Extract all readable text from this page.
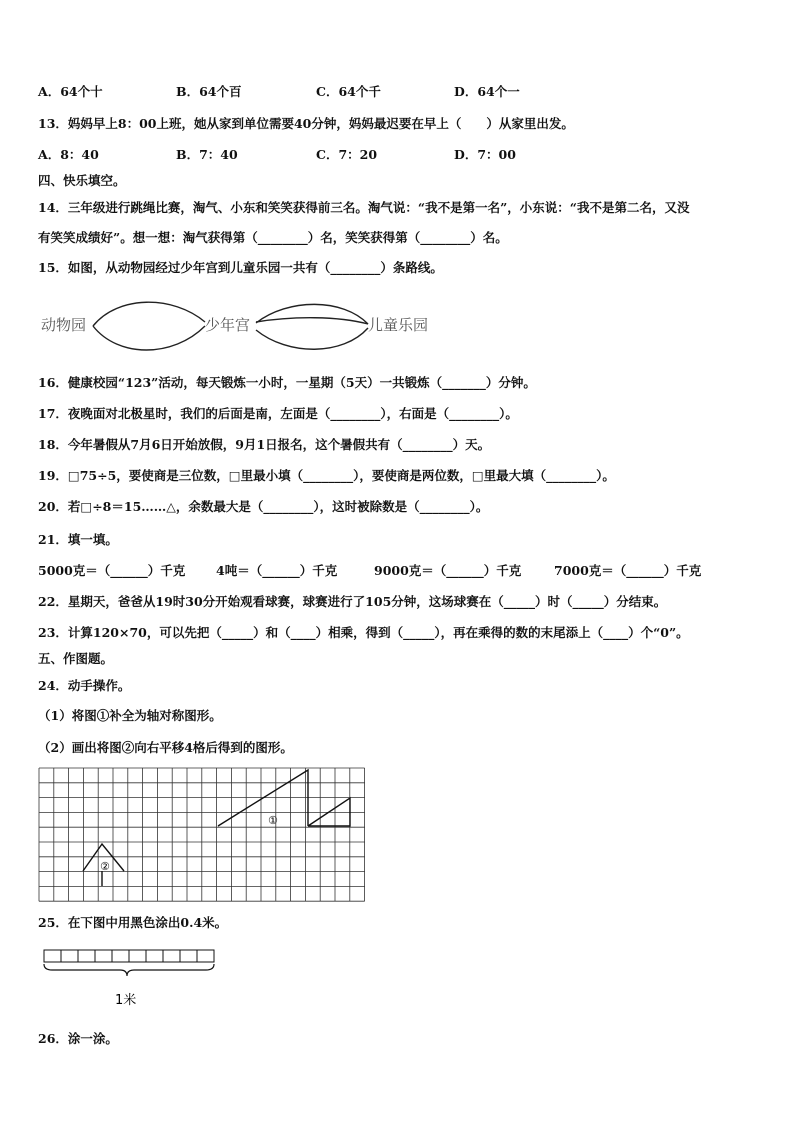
A．64个十	B．64个百	C．64个千	D．64个一
13．妈妈早上8：00上班，她从家到单位需要40分钟，妈妈最迟要在早上（　　）从家里出发。
A．8：40	B．7：40	C．7：20	D．7：00
四、快乐填空。
14．三年级进行跳绳比赛，淘气、小东和笑笑获得前三名。淘气说：“我不是第一名”，小东说：“我不是第二名，又没
有笑笑成绩好”。想一想：淘气获得第（________）名，笑笑获得第（________）名。
15．如图，从动物园经过少年宫到儿童乐园一共有（________）条路线。
动物园	少年宫	儿童乐园
16．健康校园“123”活动，每天锻炼一小时，一星期（5天）一共锻炼（_______）分钟。
17．夜晚面对北极星时，我们的后面是南，左面是（________），右面是（________）。
18．今年暑假从7月6日开始放假，9月1日报名，这个暑假共有（________）天。
19．□75÷5，要使商是三位数，□里最小填（________），要使商是两位数，□里最大填（________）。
20．若□÷8＝15……△，余数最大是（________），这时被除数是（________）。
21．填一填。
5000克＝（______）千克 4吨＝（______）千克	9000克＝（______）千克	7000克＝（______）千克
22．星期天，爸爸从19时30分开始观看球赛，球赛进行了105分钟，这场球赛在（_____）时（_____）分结束。
23．计算120×70，可以先把（_____）和（____）相乘，得到（_____），再在乘得的数的末尾添上（____）个“0”。
五、作图题。
24．动手操作。
（1）将图①补全为轴对称图形。
（2）画出将图②向右平移4格后得到的图形。
①
②
25．在下图中用黑色涂出0.4米。
1米
26．涂一涂。
